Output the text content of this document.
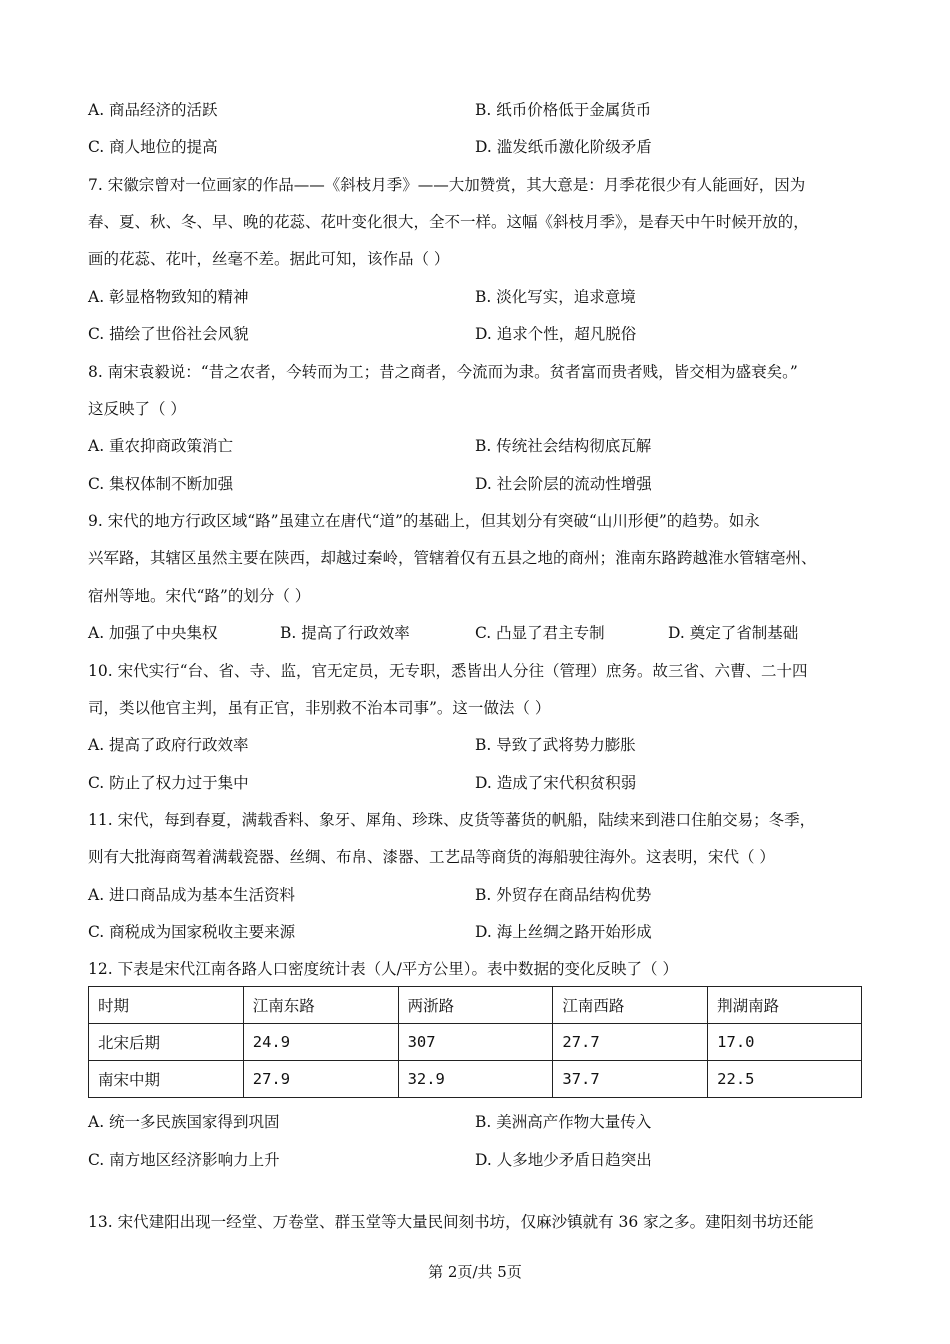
A. 商品经济的活跃	B. 纸币价格低于金属货币
C. 商人地位的提高	D. 滥发纸币激化阶级矛盾
7. 宋徽宗曾对一位画家的作品——《斜枝月季》——大加赞赏，其大意是：月季花很少有人能画好，因为
春、夏、秋、冬、早、晚的花蕊、花叶变化很大，全不一样。这幅《斜枝月季》，是春天中午时候开放的，
画的花蕊、花叶，丝毫不差。据此可知，该作品（ ）
A. 彰显格物致知的精神	B. 淡化写实，追求意境
C. 描绘了世俗社会风貌	D. 追求个性，超凡脱俗
8. 南宋袁毅说：“昔之农者，今转而为工；昔之商者，今流而为隶。贫者富而贵者贱，皆交相为盛衰矣。”
这反映了（ ）
A. 重农抑商政策消亡	B. 传统社会结构彻底瓦解
C. 集权体制不断加强	D. 社会阶层的流动性增强
9. 宋代的地方行政区域“路”虽建立在唐代“道”的基础上，但其划分有突破“山川形便”的趋势。如永
兴军路，其辖区虽然主要在陕西，却越过秦岭，管辖着仅有五县之地的商州；淮南东路跨越淮水管辖亳州、
宿州等地。宋代“路”的划分（ ）
A. 加强了中央集权	B. 提高了行政效率	C. 凸显了君主专制	D. 奠定了省制基础
10. 宋代实行“台、省、寺、监，官无定员，无专职，悉皆出人分往（管理）庶务。故三省、六曹、二十四
司，类以他官主判，虽有正官，非别救不治本司事”。这一做法（ ）
A. 提高了政府行政效率	B. 导致了武将势力膨胀
C. 防止了权力过于集中	D. 造成了宋代积贫积弱
11. 宋代，每到春夏，满载香料、象牙、犀角、珍珠、皮货等蕃货的帆船，陆续来到港口住舶交易；冬季，
则有大批海商驾着满载瓷器、丝绸、布帛、漆器、工艺品等商货的海船驶往海外。这表明，宋代（ ）
A. 进口商品成为基本生活资料	B. 外贸存在商品结构优势
C. 商税成为国家税收主要来源	D. 海上丝绸之路开始形成
12. 下表是宋代江南各路人口密度统计表（人/平方公里）。表中数据的变化反映了（ ）
时期	江南东路	两浙路	江南西路	荆湖南路
北宋后期	24.9	307	27.7	17.0
南宋中期	27.9	32.9	37.7	22.5
A. 统一多民族国家得到巩固	B. 美洲高产作物大量传入
C. 南方地区经济影响力上升	D. 人多地少矛盾日趋突出
13. 宋代建阳出现一经堂、万卷堂、群玉堂等大量民间刻书坊，仅麻沙镇就有 36 家之多。建阳刻书坊还能
第 2页/共 5页
